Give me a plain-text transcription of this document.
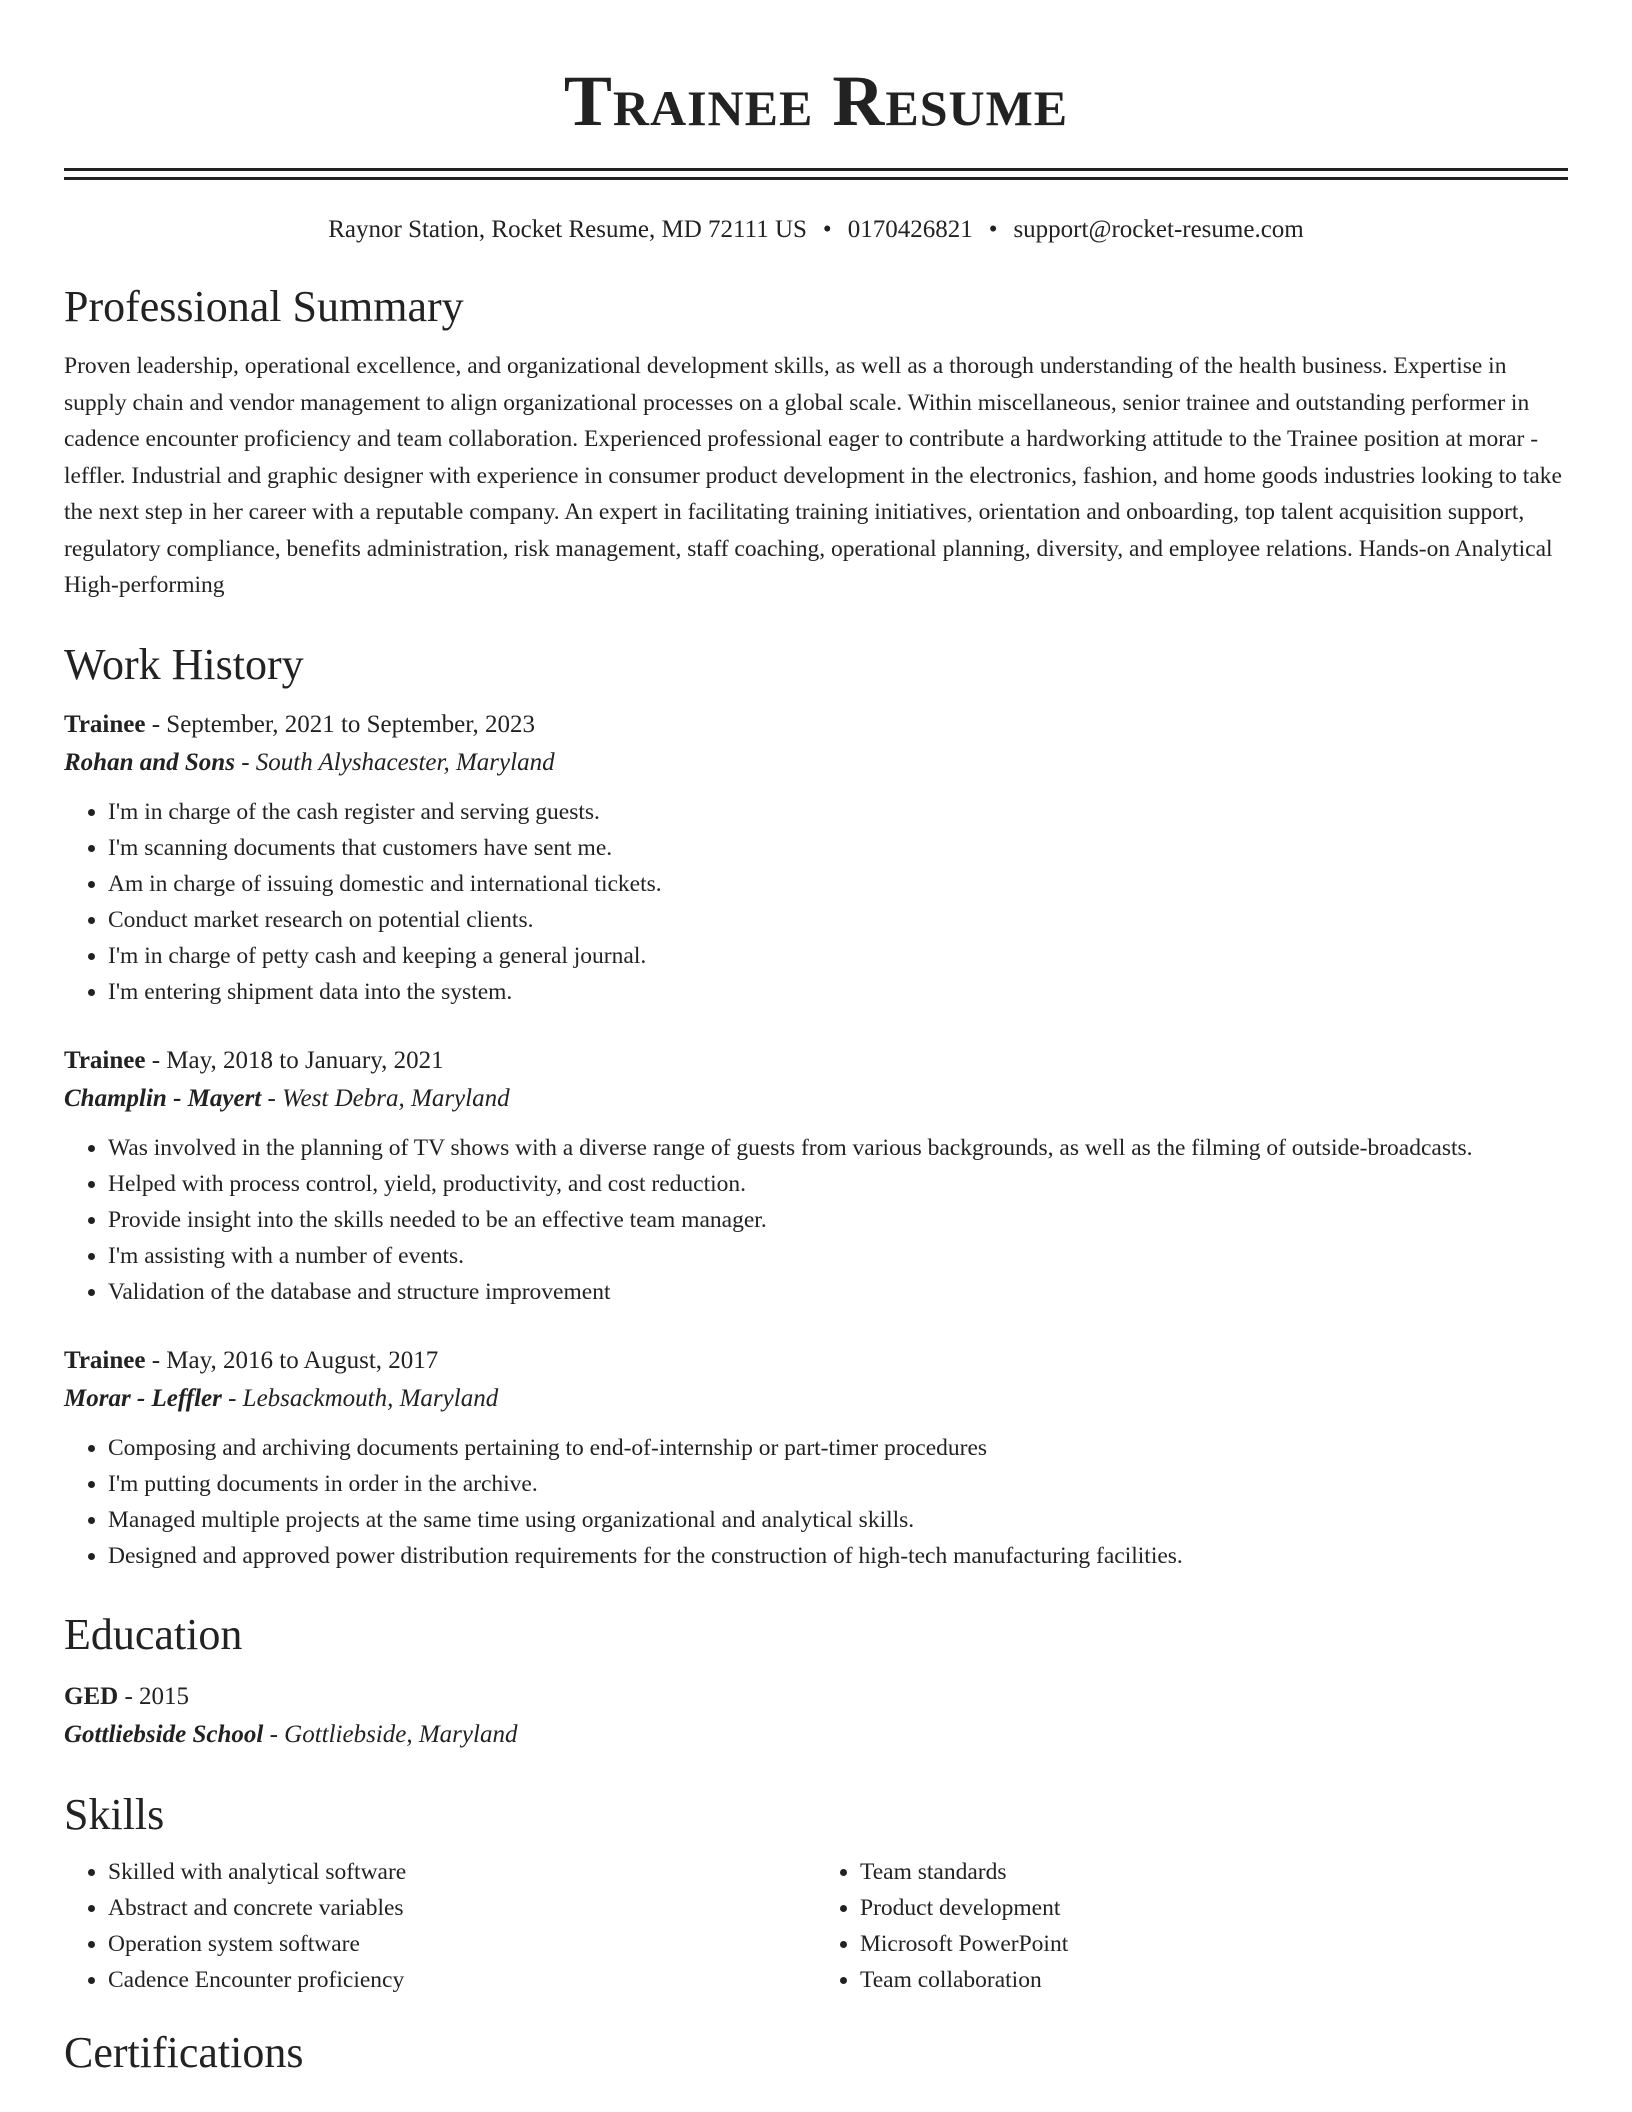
Trainee Resume
Raynor Station, Rocket Resume, MD 72111 US • 0170426821 • support@rocket-resume.com
Professional Summary
Proven leadership, operational excellence, and organizational development skills, as well as a thorough understanding of the health business. Expertise in supply chain and vendor management to align organizational processes on a global scale. Within miscellaneous, senior trainee and outstanding performer in cadence encounter proficiency and team collaboration. Experienced professional eager to contribute a hardworking attitude to the Trainee position at morar - leffler. Industrial and graphic designer with experience in consumer product development in the electronics, fashion, and home goods industries looking to take the next step in her career with a reputable company. An expert in facilitating training initiatives, orientation and onboarding, top talent acquisition support, regulatory compliance, benefits administration, risk management, staff coaching, operational planning, diversity, and employee relations. Hands-on Analytical High-performing
Work History
Trainee - September, 2021 to September, 2023
Rohan and Sons - South Alyshacester, Maryland
• I'm in charge of the cash register and serving guests.
• I'm scanning documents that customers have sent me.
• Am in charge of issuing domestic and international tickets.
• Conduct market research on potential clients.
• I'm in charge of petty cash and keeping a general journal.
• I'm entering shipment data into the system.
Trainee - May, 2018 to January, 2021
Champlin - Mayert - West Debra, Maryland
• Was involved in the planning of TV shows with a diverse range of guests from various backgrounds, as well as the filming of outside-broadcasts.
• Helped with process control, yield, productivity, and cost reduction.
• Provide insight into the skills needed to be an effective team manager.
• I'm assisting with a number of events.
• Validation of the database and structure improvement
Trainee - May, 2016 to August, 2017
Morar - Leffler - Lebsackmouth, Maryland
• Composing and archiving documents pertaining to end-of-internship or part-timer procedures
• I'm putting documents in order in the archive.
• Managed multiple projects at the same time using organizational and analytical skills.
• Designed and approved power distribution requirements for the construction of high-tech manufacturing facilities.
Education
GED - 2015
Gottliebside School - Gottliebside, Maryland
Skills
• Skilled with analytical software
• Abstract and concrete variables
• Operation system software
• Cadence Encounter proficiency
• Team standards
• Product development
• Microsoft PowerPoint
• Team collaboration
Certifications
